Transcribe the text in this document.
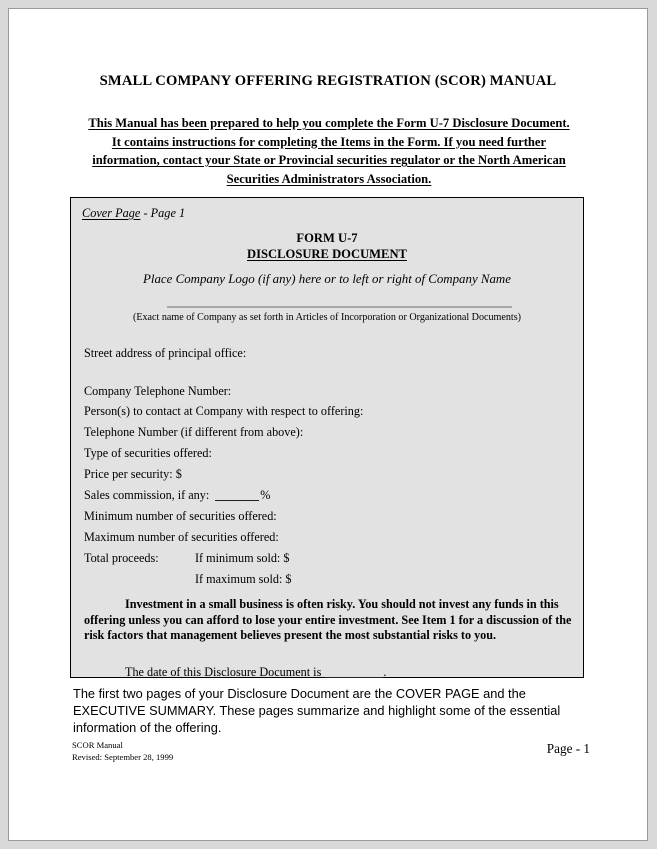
SMALL COMPANY OFFERING REGISTRATION (SCOR) MANUAL
This Manual has been prepared to help you complete the Form U-7 Disclosure Document.
It contains instructions for completing the Items in the Form. If you need further
information, contact your State or Provincial securities regulator or the North American
Securities Administrators Association.
Cover Page - Page 1
FORM U-7
DISCLOSURE DOCUMENT
Place Company Logo (if any) here or to left or right of Company Name
(Exact name of Company as set forth in Articles of Incorporation or Organizational Documents)
Street address of principal office:
Company Telephone Number:
Person(s) to contact at Company with respect to offering:
Telephone Number (if different from above):
Type of securities offered:
Price per security: $
Minimum number of securities offered:
Maximum number of securities offered:
Total proceeds:	If minimum sold: $
If maximum sold: $
Sales commission, if any:	%
Investment in a small business is often risky. You should not invest any funds in this offering unless you can afford to lose your entire investment. See Item 1 for a discussion of the risk factors that management believes present the most substantial risks to you.
The date of this Disclosure Document is	.
The first two pages of your Disclosure Document are the COVER PAGE and the EXECUTIVE SUMMARY. These pages summarize and highlight some of the essential information of the offering.
SCOR Manual
Revised: September 28, 1999
Page - 1
